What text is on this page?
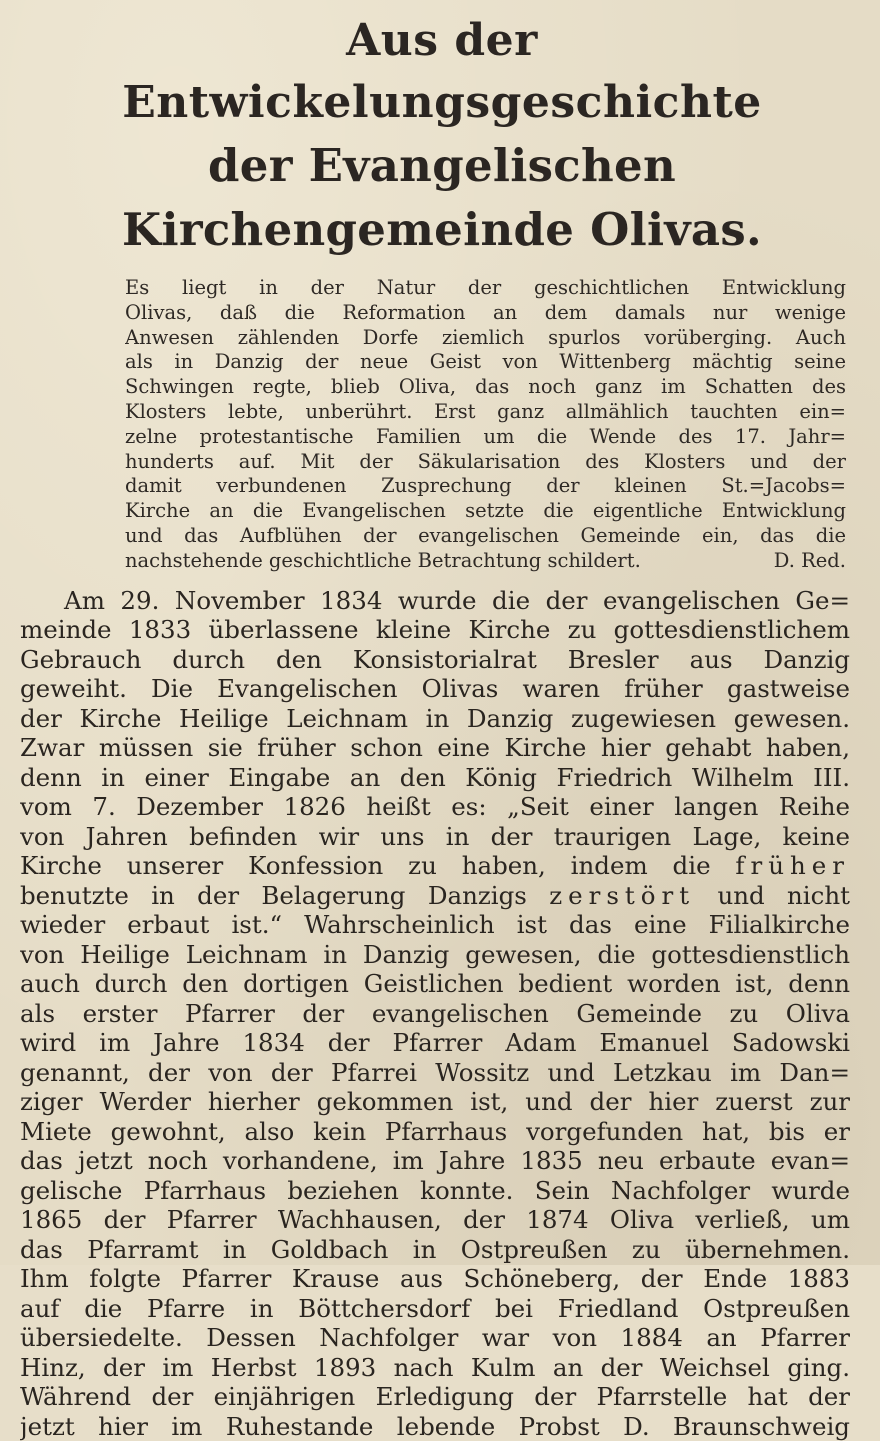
Aus der Entwickelungsgeschichte
der Evangelischen Kirchengemeinde Olivas.
Es liegt in der Natur der geschichtlichen Entwicklung
Olivas, daß die Reformation an dem damals nur wenige
Anwesen zählenden Dorfe ziemlich spurlos vorüberging. Auch
als in Danzig der neue Geist von Wittenberg mächtig seine
Schwingen regte, blieb Oliva, das noch ganz im Schatten des
Klosters lebte, unberührt. Erst ganz allmählich tauchten ein=
zelne protestantische Familien um die Wende des 17. Jahr=
hunderts auf. Mit der Säkularisation des Klosters und der
damit verbundenen Zusprechung der kleinen St.=Jacobs=
Kirche an die Evangelischen setzte die eigentliche Entwicklung
und das Aufblühen der evangelischen Gemeinde ein, das die
nachstehende geschichtliche Betrachtung schildert.	D. Red.
Am 29. November 1834 wurde die der evangelischen Ge=
meinde 1833 überlassene kleine Kirche zu gottesdienstlichem
Gebrauch durch den Konsistorialrat Bresler aus Danzig
geweiht. Die Evangelischen Olivas waren früher gastweise
der Kirche Heilige Leichnam in Danzig zugewiesen gewesen.
Zwar müssen sie früher schon eine Kirche hier gehabt haben,
denn in einer Eingabe an den König Friedrich Wilhelm III.
vom 7. Dezember 1826 heißt es: „Seit einer langen Reihe
von Jahren befinden wir uns in der traurigen Lage, keine
Kirche unserer Konfession zu haben, indem die früher
benutzte in der Belagerung Danzigs zerstört und nicht
wieder erbaut ist.“ Wahrscheinlich ist das eine Filialkirche
von Heilige Leichnam in Danzig gewesen, die gottesdienstlich
auch durch den dortigen Geistlichen bedient worden ist, denn
als erster Pfarrer der evangelischen Gemeinde zu Oliva
wird im Jahre 1834 der Pfarrer Adam Emanuel Sadowski
genannt, der von der Pfarrei Wossitz und Letzkau im Dan=
ziger Werder hierher gekommen ist, und der hier zuerst zur
Miete gewohnt, also kein Pfarrhaus vorgefunden hat, bis er
das jetzt noch vorhandene, im Jahre 1835 neu erbaute evan=
gelische Pfarrhaus beziehen konnte. Sein Nachfolger wurde
1865 der Pfarrer Wachhausen, der 1874 Oliva verließ, um
das Pfarramt in Goldbach in Ostpreußen zu übernehmen.
Ihm folgte Pfarrer Krause aus Schöneberg, der Ende 1883
auf die Pfarre in Böttchersdorf bei Friedland Ostpreußen
übersiedelte. Dessen Nachfolger war von 1884 an Pfarrer
Hinz, der im Herbst 1893 nach Kulm an der Weichsel ging.
Während der einjährigen Erledigung der Pfarrstelle hat der
jetzt hier im Ruhestande lebende Probst D. Braunschweig
